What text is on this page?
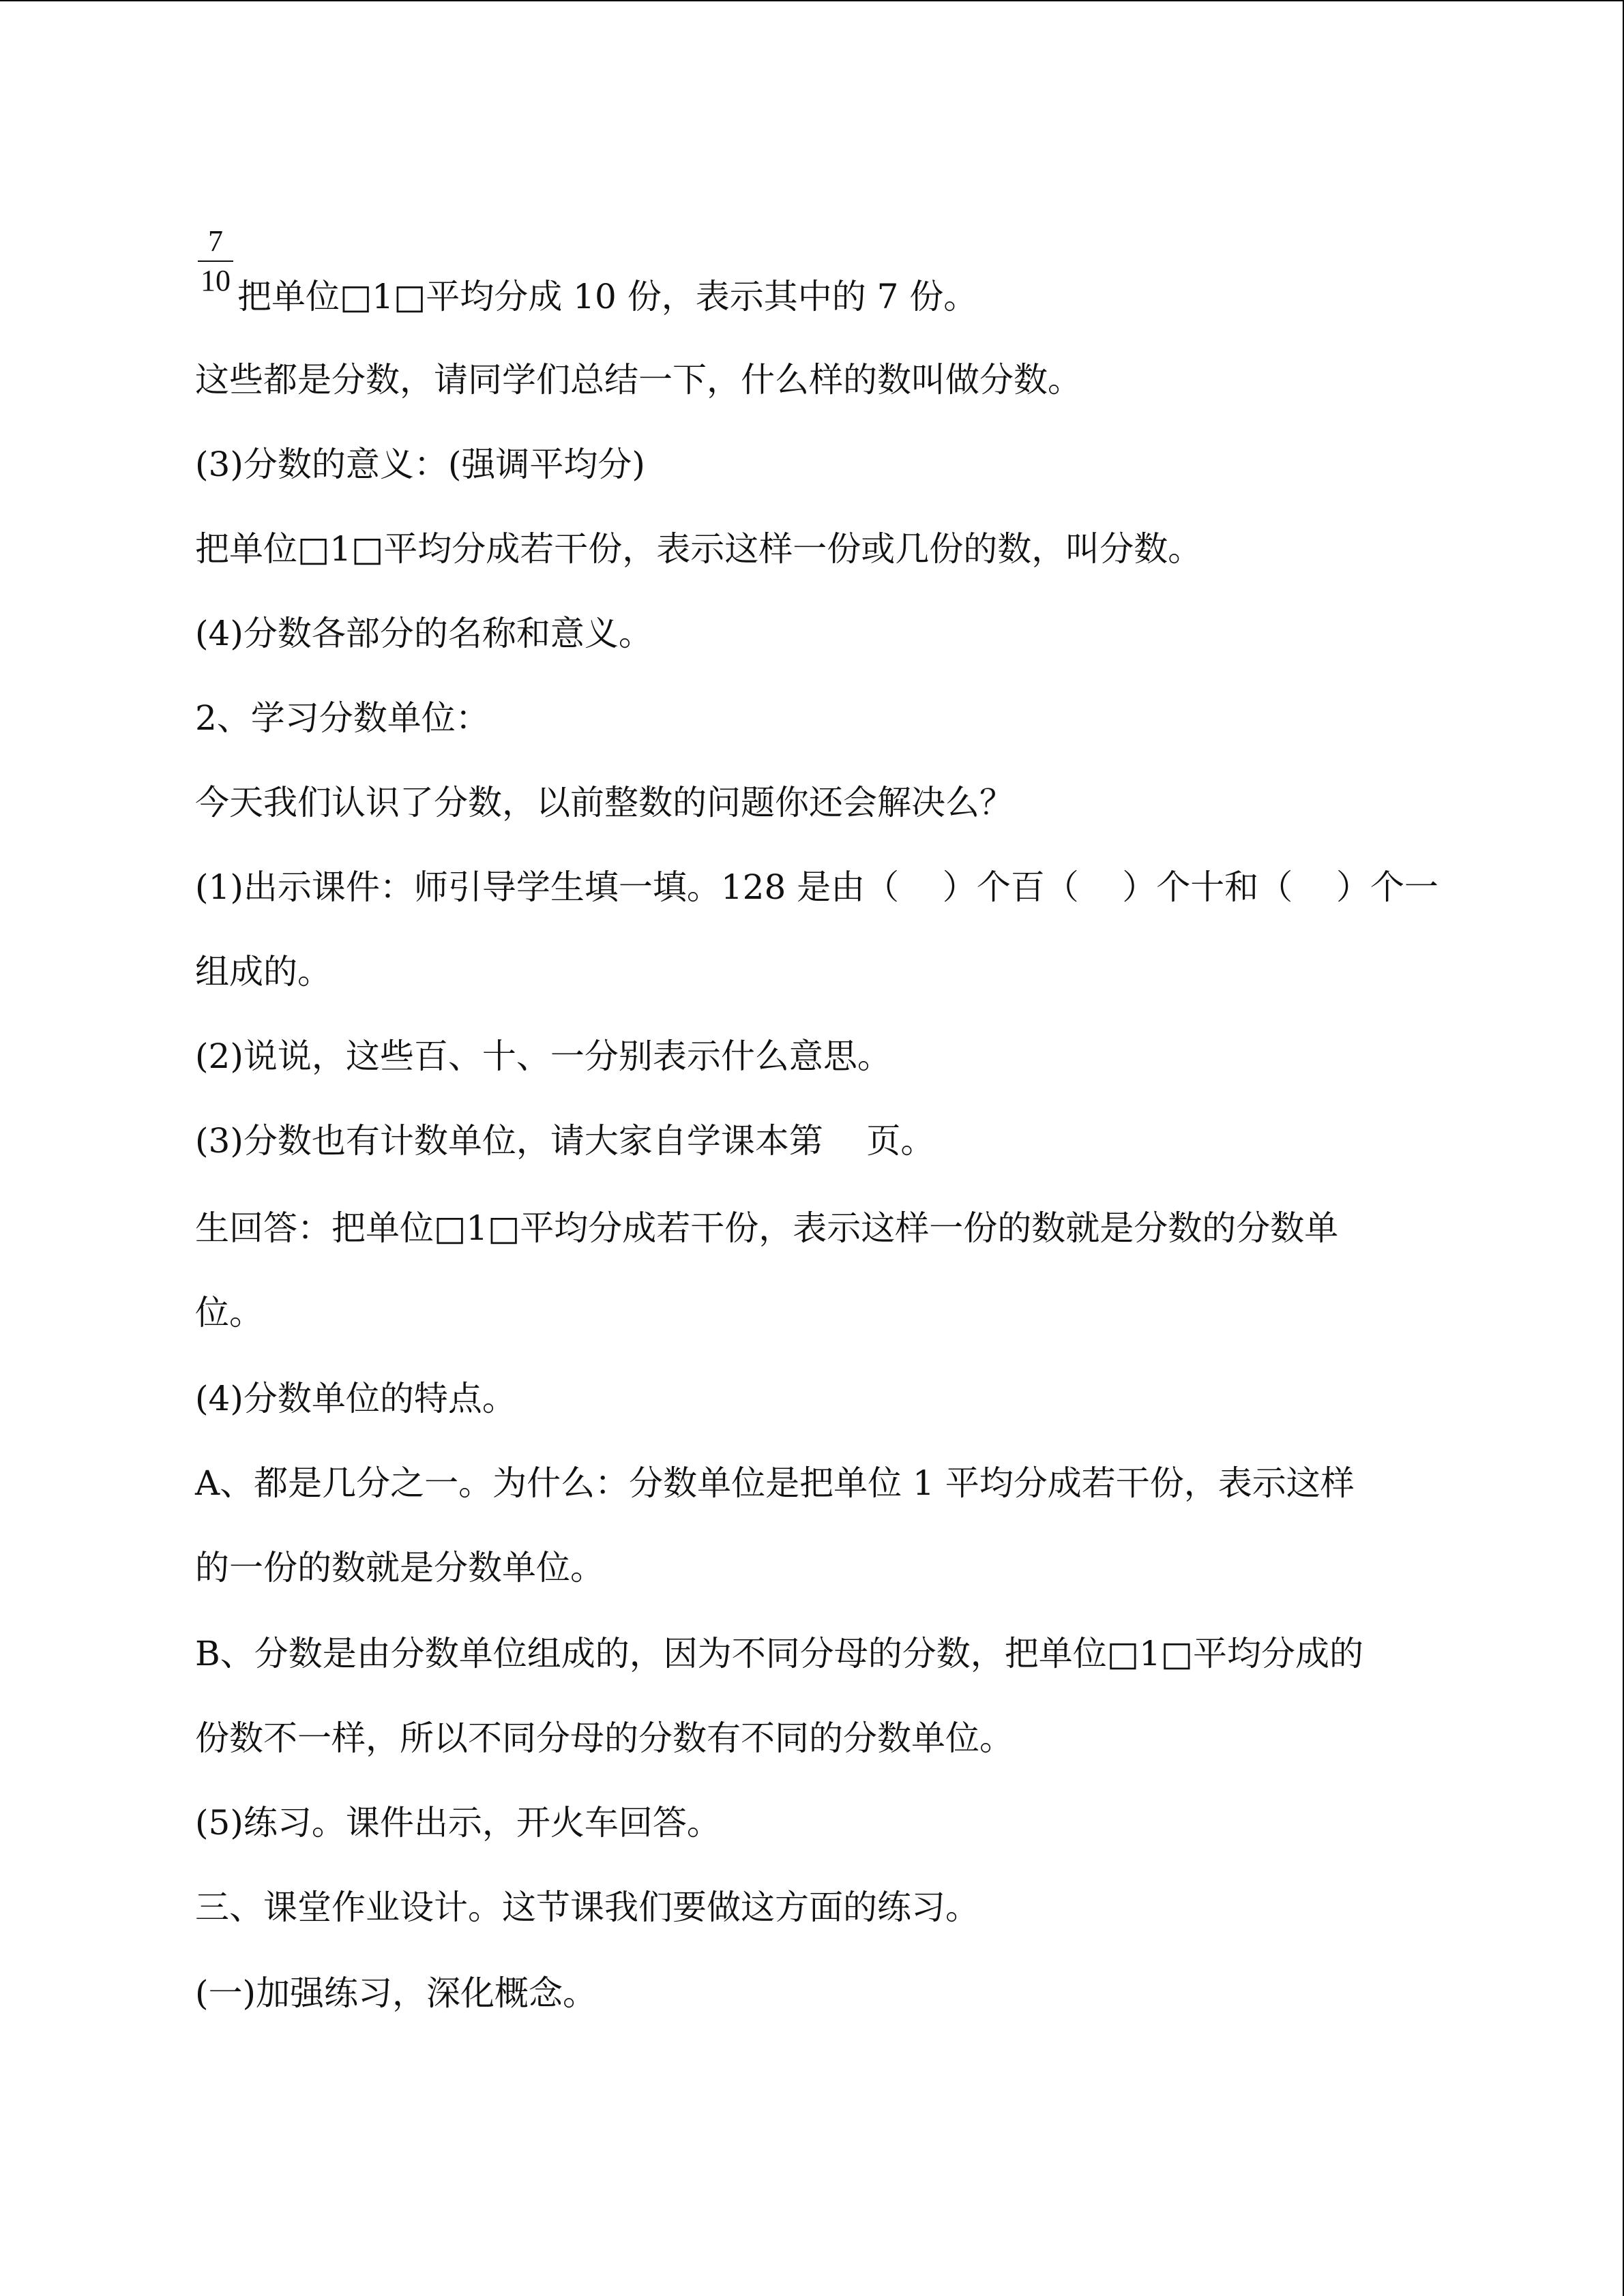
7
10 把单位□1□平均分成 10 份，表示其中的 7 份。
这些都是分数，请同学们总结一下，什么样的数叫做分数。
(3)分数的意义：(强调平均分)
把单位□1□平均分成若干份，表示这样一份或几份的数，叫分数。
(4)分数各部分的名称和意义。
2、学习分数单位：
今天我们认识了分数，以前整数的问题你还会解决么？
(1)出示课件：师引导学生填一填。128 是由（    ）个百（    ）个十和（    ）个一
组成的。
(2)说说，这些百、十、一分别表示什么意思。
(3)分数也有计数单位，请大家自学课本第    页。
生回答：把单位□1□平均分成若干份，表示这样一份的数就是分数的分数单
位。
(4)分数单位的特点。
A、都是几分之一。为什么：分数单位是把单位 1 平均分成若干份，表示这样
的一份的数就是分数单位。
B、分数是由分数单位组成的，因为不同分母的分数，把单位□1□平均分成的
份数不一样，所以不同分母的分数有不同的分数单位。
(5)练习。课件出示，开火车回答。
三、课堂作业设计。这节课我们要做这方面的练习。
(一)加强练习，深化概念。
